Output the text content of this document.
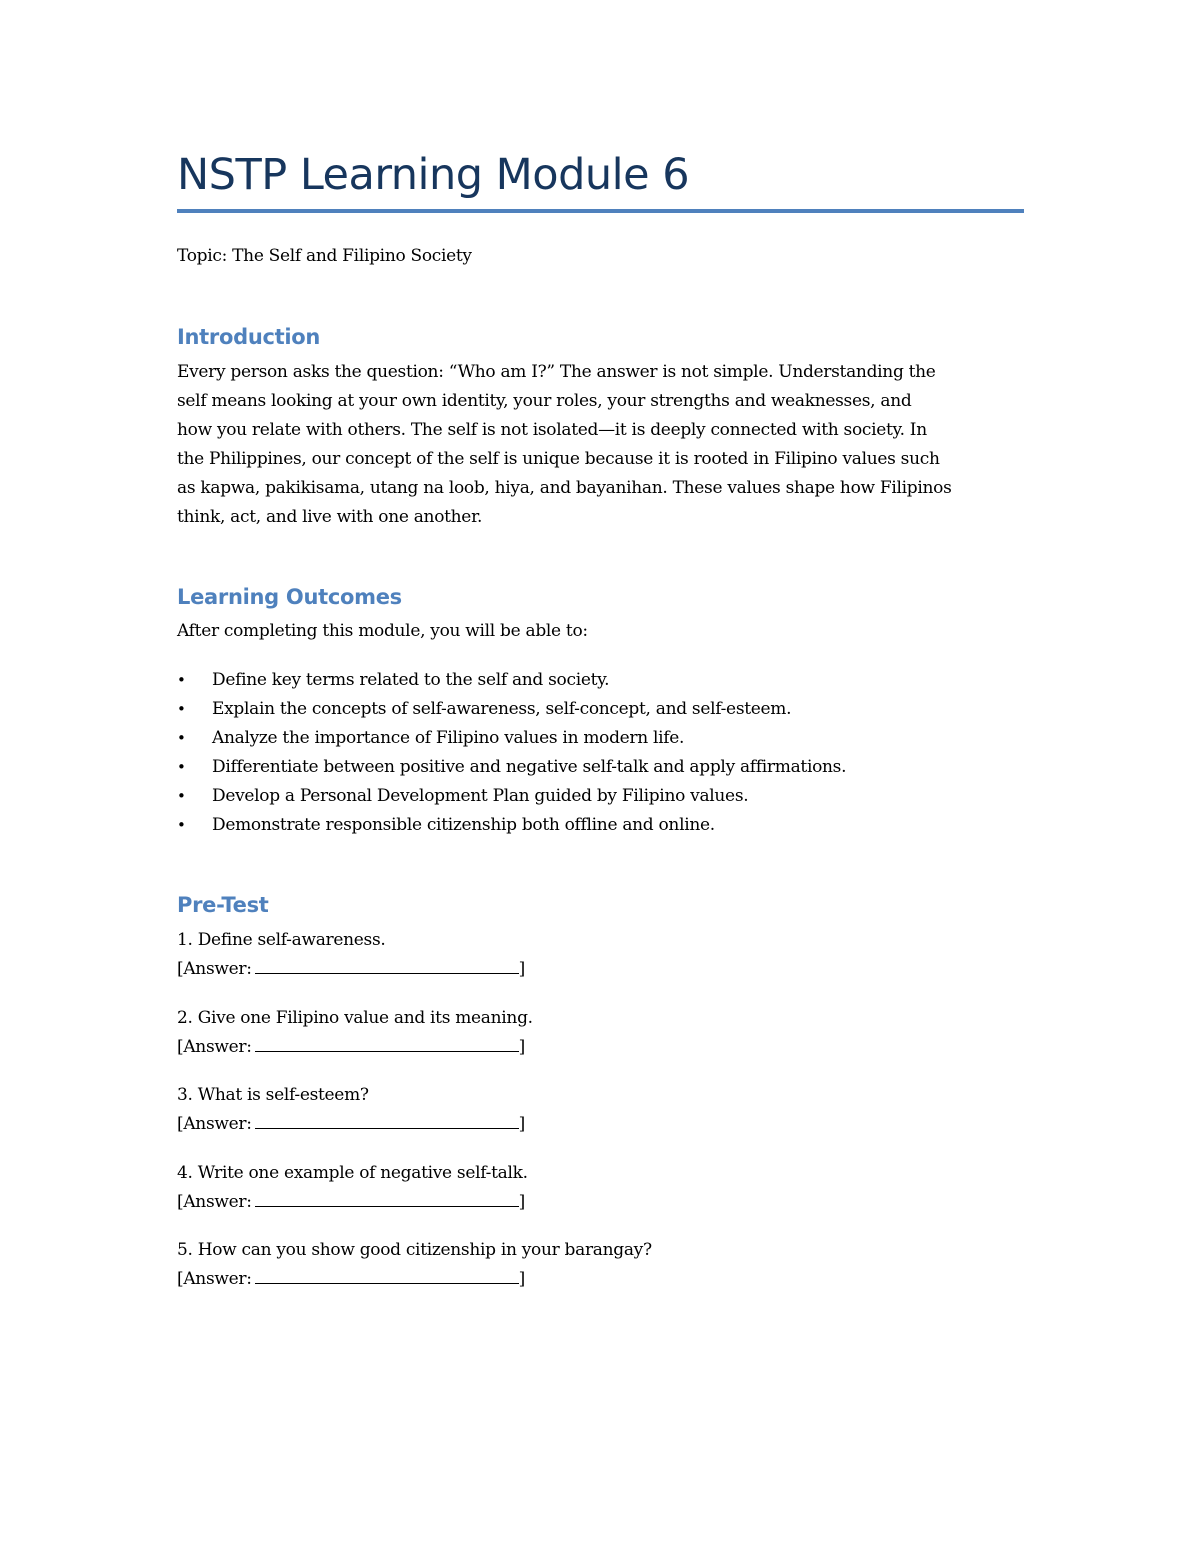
NSTP Learning Module 6
Topic: The Self and Filipino Society
Introduction
Every person asks the question: “Who am I?” The answer is not simple. Understanding the
self means looking at your own identity, your roles, your strengths and weaknesses, and
how you relate with others. The self is not isolated—it is deeply connected with society. In
the Philippines, our concept of the self is unique because it is rooted in Filipino values such
as kapwa, pakikisama, utang na loob, hiya, and bayanihan. These values shape how Filipinos
think, act, and live with one another.
Learning Outcomes
After completing this module, you will be able to:
• Define key terms related to the self and society.
• Explain the concepts of self-awareness, self-concept, and self-esteem.
• Analyze the importance of Filipino values in modern life.
• Differentiate between positive and negative self-talk and apply affirmations.
• Develop a Personal Development Plan guided by Filipino values.
• Demonstrate responsible citizenship both offline and online.
Pre-Test
1. Define self-awareness.
[Answer:	]
2. Give one Filipino value and its meaning.
[Answer:	]
3. What is self-esteem?
[Answer:	]
4. Write one example of negative self-talk.
[Answer:	]
5. How can you show good citizenship in your barangay?
[Answer:	]
